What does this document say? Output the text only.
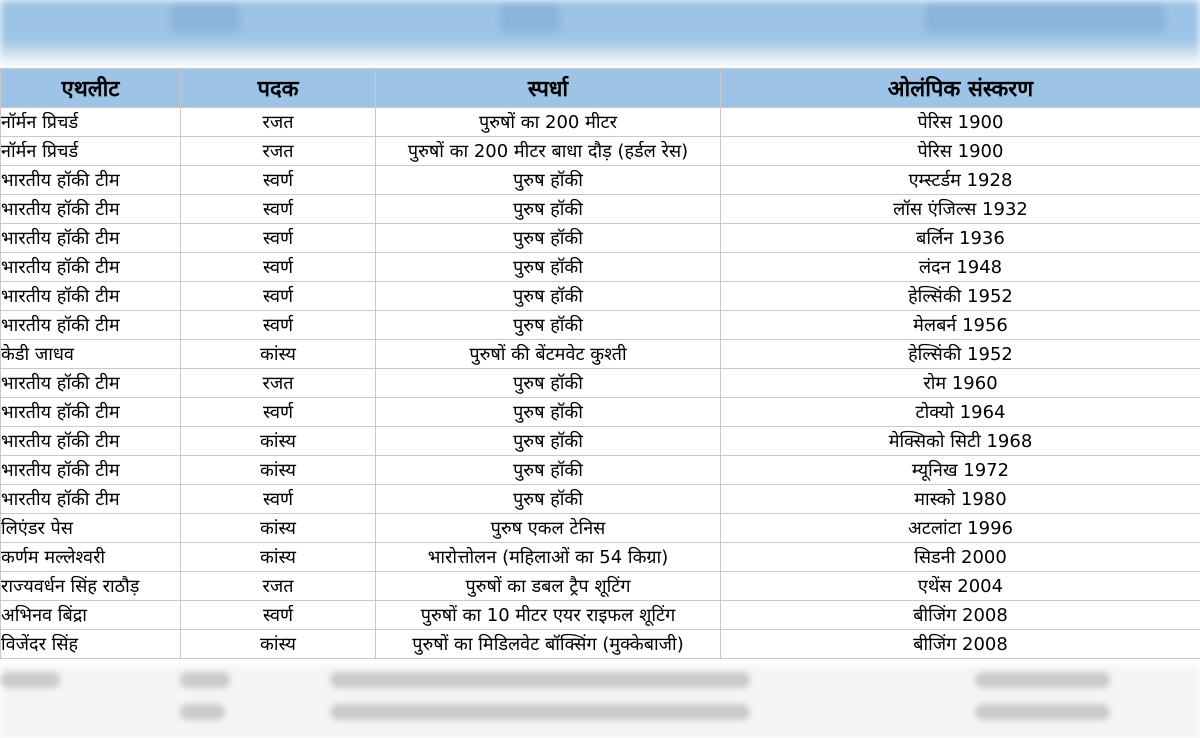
एथलीट	पदक	स्पर्धा	ओलंपिक संस्करण
नॉर्मन प्रिचर्ड	रजत	पुरुषों का 200 मीटर	पेरिस 1900
नॉर्मन प्रिचर्ड	रजत	पुरुषों का 200 मीटर बाधा दौड़ (हर्डल रेस)	पेरिस 1900
भारतीय हॉकी टीम	स्वर्ण	पुरुष हॉकी	एम्स्टर्डम 1928
भारतीय हॉकी टीम	स्वर्ण	पुरुष हॉकी	लॉस एंजिल्स 1932
भारतीय हॉकी टीम	स्वर्ण	पुरुष हॉकी	बर्लिन 1936
भारतीय हॉकी टीम	स्वर्ण	पुरुष हॉकी	लंदन 1948
भारतीय हॉकी टीम	स्वर्ण	पुरुष हॉकी	हेल्सिंकी 1952
भारतीय हॉकी टीम	स्वर्ण	पुरुष हॉकी	मेलबर्न 1956
केडी जाधव	कांस्य	पुरुषों की बेंटमवेट कुश्ती	हेल्सिंकी 1952
भारतीय हॉकी टीम	रजत	पुरुष हॉकी	रोम 1960
भारतीय हॉकी टीम	स्वर्ण	पुरुष हॉकी	टोक्यो 1964
भारतीय हॉकी टीम	कांस्य	पुरुष हॉकी	मेक्सिको सिटी 1968
भारतीय हॉकी टीम	कांस्य	पुरुष हॉकी	म्यूनिख 1972
भारतीय हॉकी टीम	स्वर्ण	पुरुष हॉकी	मास्को 1980
लिएंडर पेस	कांस्य	पुरुष एकल टेनिस	अटलांटा 1996
कर्णम मल्लेश्वरी	कांस्य	भारोत्तोलन (महिलाओं का 54 किग्रा)	सिडनी 2000
राज्यवर्धन सिंह राठौड़	रजत	पुरुषों का डबल ट्रैप शूटिंग	एथेंस 2004
अभिनव बिंद्रा	स्वर्ण	पुरुषों का 10 मीटर एयर राइफल शूटिंग	बीजिंग 2008
विजेंदर सिंह	कांस्य	पुरुषों का मिडिलवेट बॉक्सिंग (मुक्केबाजी)	बीजिंग 2008
